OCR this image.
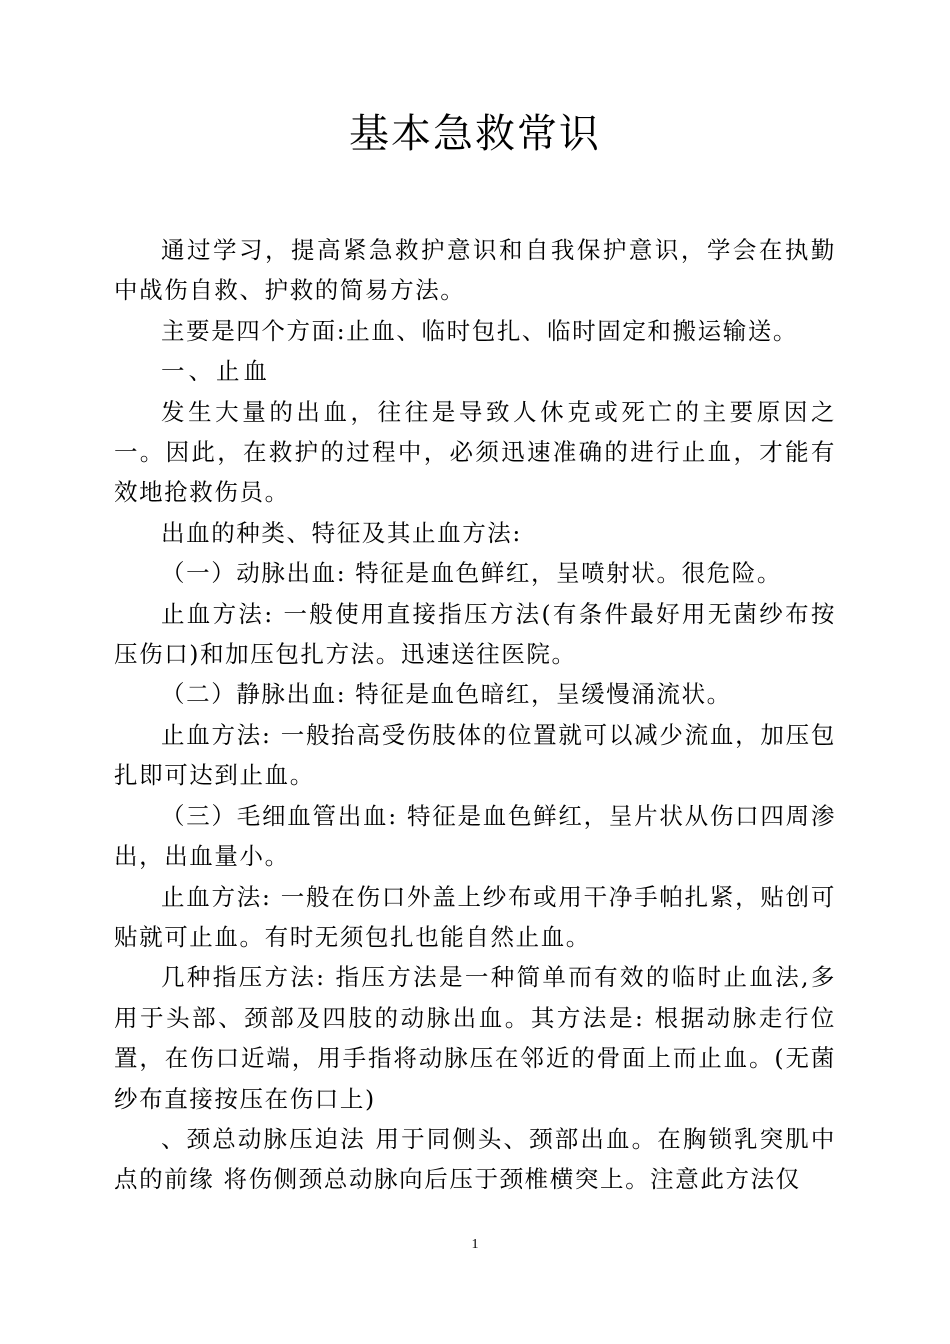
基本急救常识

通过学习，提高紧急救护意识和自我保护意识，学会在执勤中战伤自救、护救的简易方法。

主要是四个方面:止血、临时包扎、临时固定和搬运输送。

一、止血

发生大量的出血，往往是导致人休克或死亡的主要原因之一。因此，在救护的过程中，必须迅速准确的进行止血，才能有效地抢救伤员。

出血的种类、特征及其止血方法:

（一）动脉出血: 特征是血色鲜红，呈喷射状。很危险。

止血方法: 一般使用直接指压方法(有条件最好用无菌纱布按压伤口)和加压包扎方法。迅速送往医院。

（二）静脉出血: 特征是血色暗红，呈缓慢涌流状。

止血方法: 一般抬高受伤肢体的位置就可以减少流血，加压包扎即可达到止血。

（三）毛细血管出血: 特征是血色鲜红，呈片状从伤口四周渗出，出血量小。

止血方法: 一般在伤口外盖上纱布或用干净手帕扎紧，贴创可贴就可止血。有时无须包扎也能自然止血。

几种指压方法: 指压方法是一种简单而有效的临时止血法,多用于头部、颈部及四肢的动脉出血。其方法是: 根据动脉走行位置，在伤口近端，用手指将动脉压在邻近的骨面上而止血。(无菌纱布直接按压在伤口上)

、颈总动脉压迫法 用于同侧头、颈部出血。在胸锁乳突肌中点的前缘 将伤侧颈总动脉向后压于颈椎横突上。注意此方法仅

1
